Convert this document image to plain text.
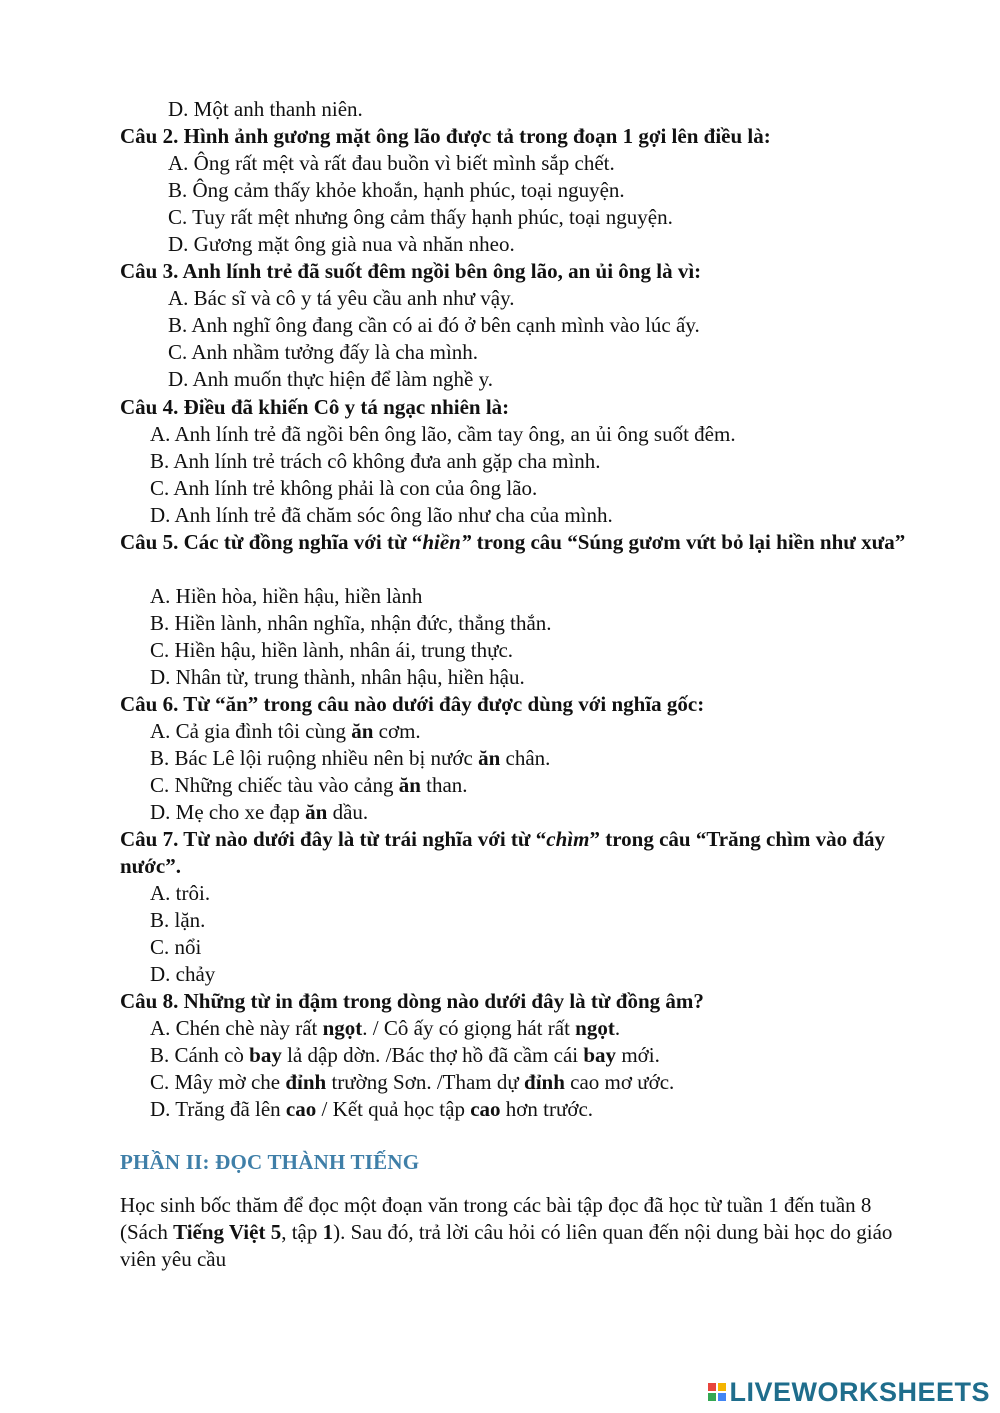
D. Một anh thanh niên.
Câu 2. Hình ảnh gương mặt ông lão được tả trong đoạn 1 gợi lên điều là:
A. Ông rất mệt và rất đau buồn vì biết mình sắp chết.
B. Ông cảm thấy khỏe khoắn, hạnh phúc, toại nguyện.
C. Tuy rất mệt nhưng ông cảm thấy hạnh phúc, toại nguyện.
D. Gương mặt ông già nua và nhăn nheo.
Câu 3. Anh lính trẻ đã suốt đêm ngồi bên ông lão, an ủi ông là vì:
A. Bác sĩ và cô y tá yêu cầu anh như vậy.
B. Anh nghĩ ông đang cần có ai đó ở bên cạnh mình vào lúc ấy.
C. Anh nhầm tưởng đấy là cha mình.
D. Anh muốn thực hiện để làm nghề y.
Câu 4. Điều đã khiến Cô y tá ngạc nhiên là:
A. Anh lính trẻ đã ngồi bên ông lão, cầm tay ông, an ủi ông suốt đêm.
B. Anh lính trẻ trách cô không đưa anh gặp cha mình.
C. Anh lính trẻ không phải là con của ông lão.
D. Anh lính trẻ đã chăm sóc ông lão như cha của mình.
Câu 5. Các từ đồng nghĩa với từ “hiền” trong câu “Súng gươm vứt bỏ lại hiền như xưa”
A. Hiền hòa, hiền hậu, hiền lành
B. Hiền lành, nhân nghĩa, nhận đức, thẳng thắn.
C. Hiền hậu, hiền lành, nhân ái, trung thực.
D. Nhân từ, trung thành, nhân hậu, hiền hậu.
Câu 6. Từ “ăn” trong câu nào dưới đây được dùng với nghĩa gốc:
A. Cả gia đình tôi cùng ăn cơm.
B. Bác Lê lội ruộng nhiều nên bị nước ăn chân.
C. Những chiếc tàu vào cảng ăn than.
D. Mẹ cho xe đạp ăn dầu.
Câu 7. Từ nào dưới đây là từ trái nghĩa với từ “chìm” trong câu “Trăng chìm vào đáy nước”.
A. trôi.
B. lặn.
C. nổi
D. chảy
Câu 8. Những từ in đậm trong dòng nào dưới đây là từ đồng âm?
A. Chén chè này rất ngọt. / Cô ấy có giọng hát rất ngọt.
B. Cánh cò bay lả dập dờn. /Bác thợ hồ đã cầm cái bay mới.
C. Mây mờ che đỉnh trường Sơn. /Tham dự đỉnh cao mơ ước.
D. Trăng đã lên cao / Kết quả học tập cao hơn trước.
PHẦN II: ĐỌC THÀNH TIẾNG
Học sinh bốc thăm để đọc một đoạn văn trong các bài tập đọc đã học từ tuần 1 đến tuần 8 (Sách Tiếng Việt 5, tập 1). Sau đó, trả lời câu hỏi có liên quan đến nội dung bài học do giáo viên yêu cầu
LIVEWORKSHEETS
